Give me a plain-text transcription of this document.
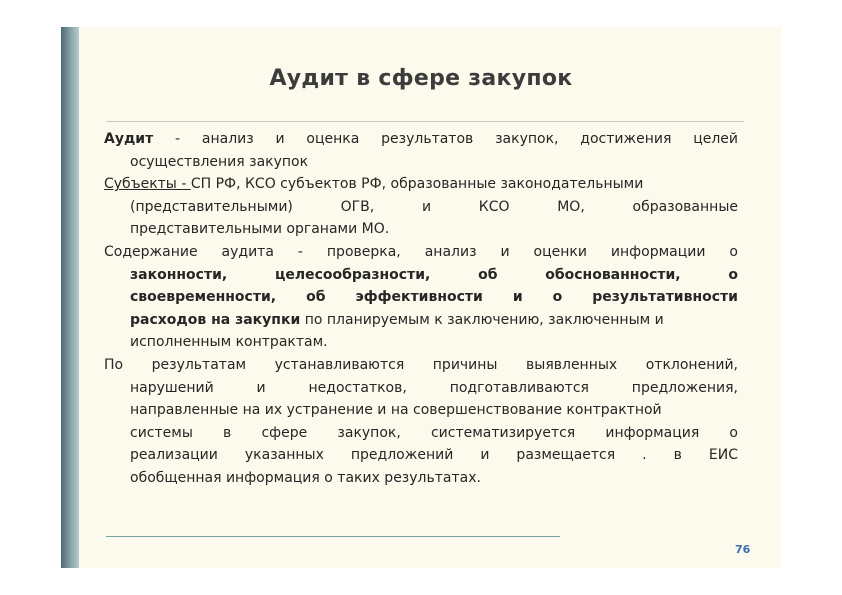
Аудит в сфере закупок
Аудит - анализ и оценка результатов закупок, достижения целей
осуществления закупок
Субъекты - СП РФ, КСО субъектов РФ, образованные законодательными
(представительными) ОГВ, и КСО МО, образованные
представительными органами МО.
Содержание аудита - проверка, анализ и оценки информации о
законности, целесообразности, об обоснованности, о
своевременности, об эффективности и о результативности
расходов на закупки по планируемым к заключению, заключенным и
исполненным контрактам.
По результатам устанавливаются причины выявленных отклонений,
нарушений и недостатков, подготавливаются предложения,
направленные на их устранение и на совершенствование контрактной
системы в сфере закупок, систематизируется информация о
реализации указанных предложений и размещается . в ЕИС
обобщенная информация о таких результатах.
76
